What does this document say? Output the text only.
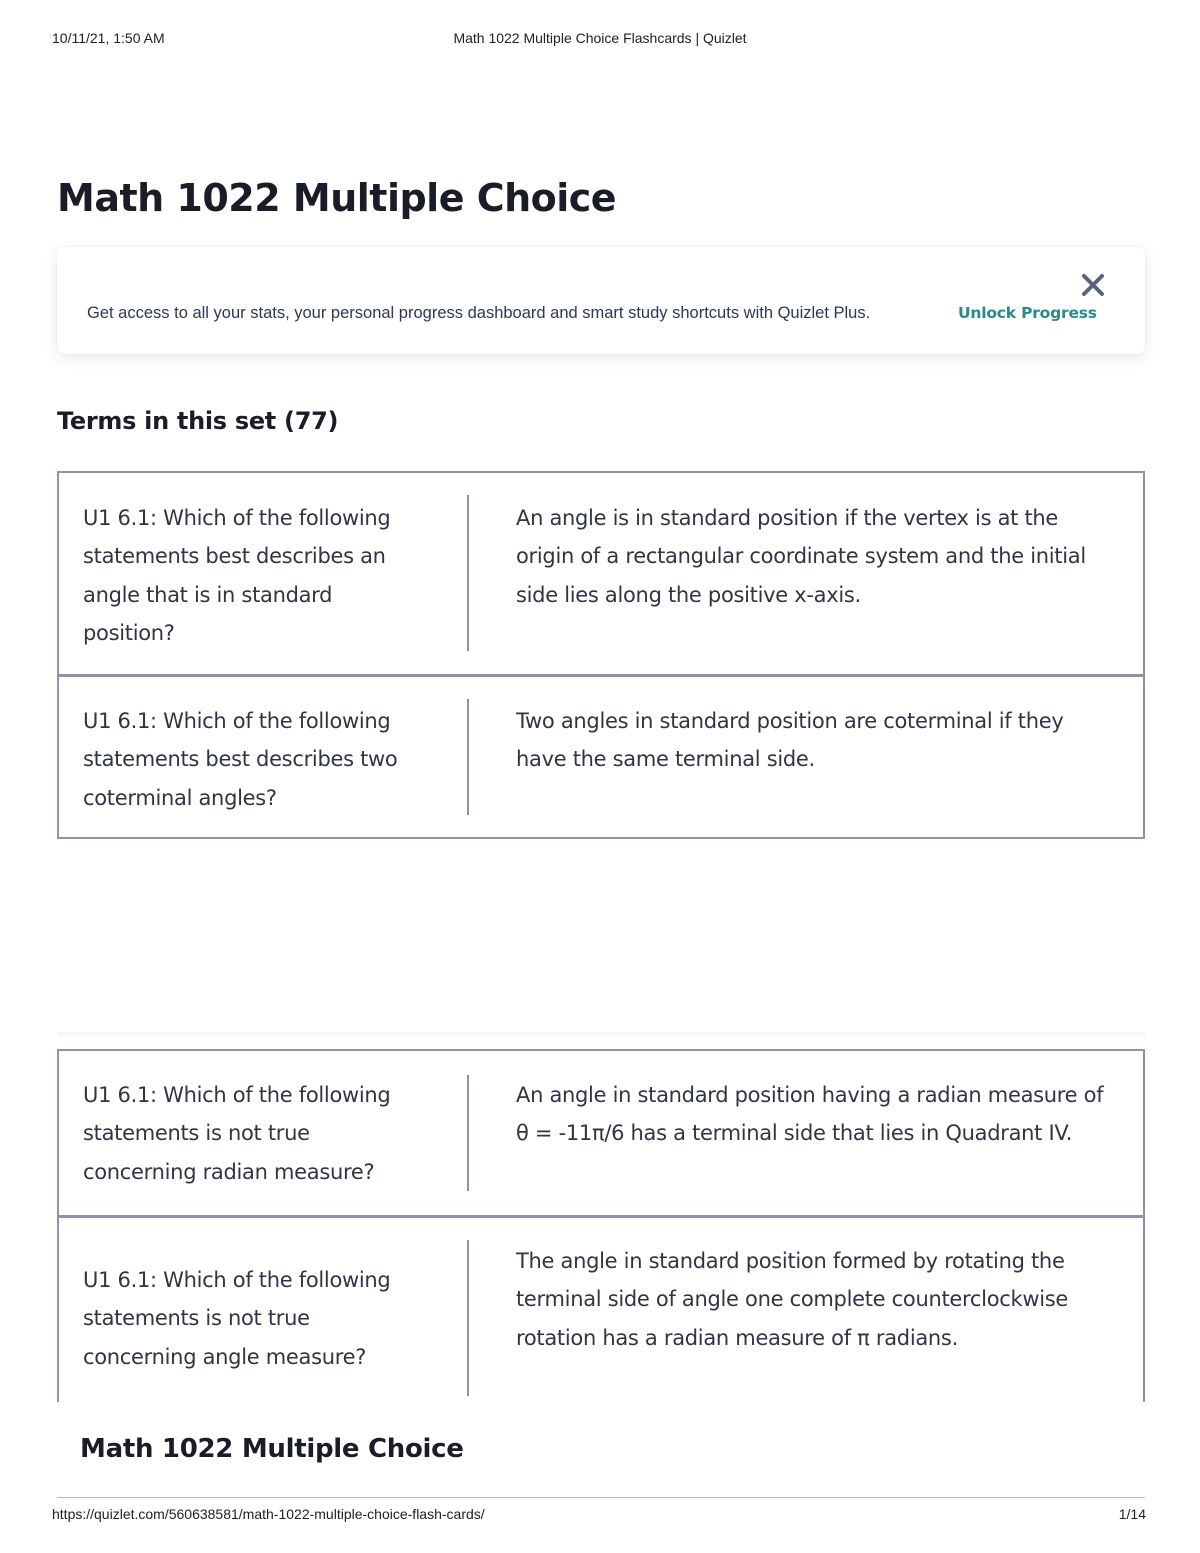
10/11/21, 1:50 AM	Math 1022 Multiple Choice Flashcards | Quizlet
Math 1022 Multiple Choice
Get access to all your stats, your personal progress dashboard and smart study shortcuts with Quizlet Plus.	Unlock Progress
Terms in this set (77)
U1 6.1: Which of the following statements best describes an angle that is in standard position?
An angle is in standard position if the vertex is at the origin of a rectangular coordinate system and the initial side lies along the positive x-axis.
U1 6.1: Which of the following statements best describes two coterminal angles?
Two angles in standard position are coterminal if they have the same terminal side.
U1 6.1: Which of the following statements is not true concerning radian measure?
An angle in standard position having a radian measure of θ = -11π/6 has a terminal side that lies in Quadrant IV.
U1 6.1: Which of the following statements is not true concerning angle measure?
The angle in standard position formed by rotating the terminal side of angle one complete counterclockwise rotation has a radian measure of π radians.
Math 1022 Multiple Choice
https://quizlet.com/560638581/math-1022-multiple-choice-flash-cards/	1/14
